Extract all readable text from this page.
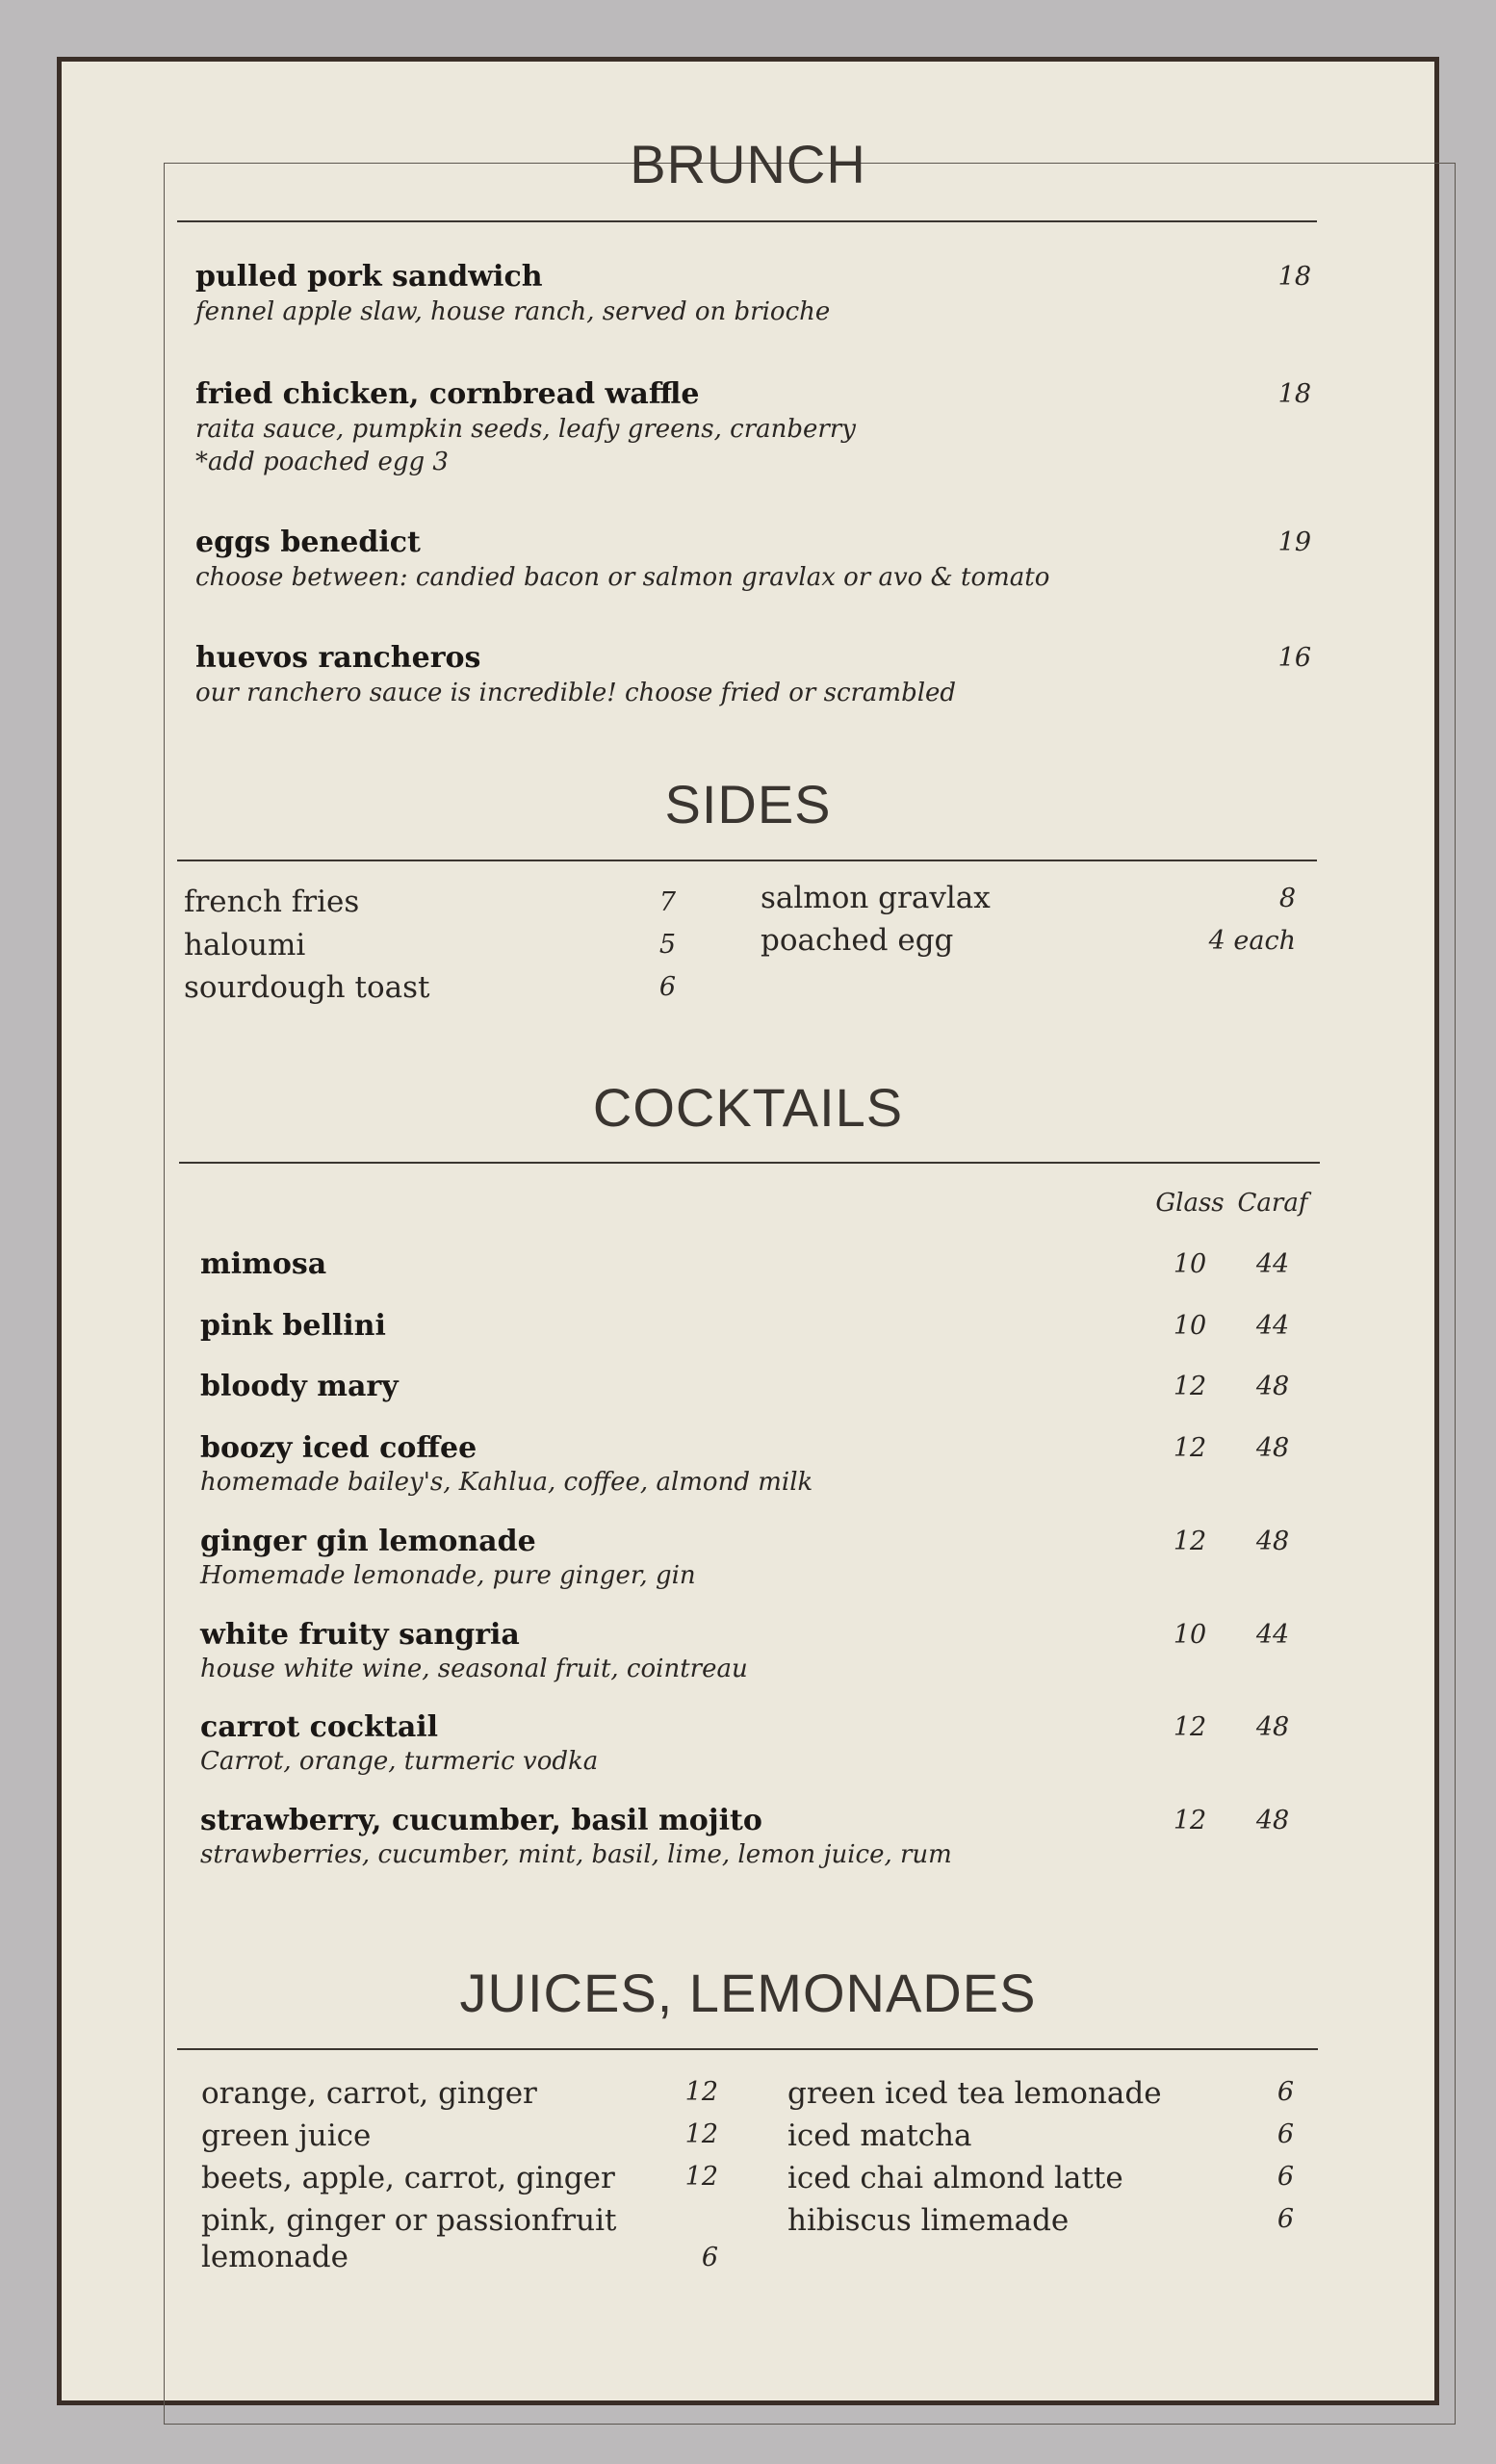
BRUNCH
pulled pork sandwich	18
fennel apple slaw, house ranch, served on brioche
fried chicken, cornbread waffle	18
raita sauce, pumpkin seeds, leafy greens, cranberry
*add poached egg 3
eggs benedict	19
choose between: candied bacon or salmon gravlax or avo & tomato
huevos rancheros	16
our ranchero sauce is incredible! choose fried or scrambled
SIDES
french fries	7
haloumi	5
sourdough toast	6
salmon gravlax	8
poached egg	4 each
COCKTAILS
Glass Caraf
mimosa	10	44
pink bellini	10	44
bloody mary	12	48
boozy iced coffee	12	48
homemade bailey's, Kahlua, coffee, almond milk
ginger gin lemonade	12	48
Homemade lemonade, pure ginger, gin
white fruity sangria	10	44
house white wine, seasonal fruit, cointreau
carrot cocktail	12	48
Carrot, orange, turmeric vodka
strawberry, cucumber, basil mojito	12	48
strawberries, cucumber, mint, basil, lime, lemon juice, rum
JUICES, LEMONADES
orange, carrot, ginger	12
green juice	12
beets, apple, carrot, ginger	12
pink, ginger or passionfruit
lemonade	6
green iced tea lemonade	6
iced matcha	6
iced chai almond latte	6
hibiscus limemade	6
